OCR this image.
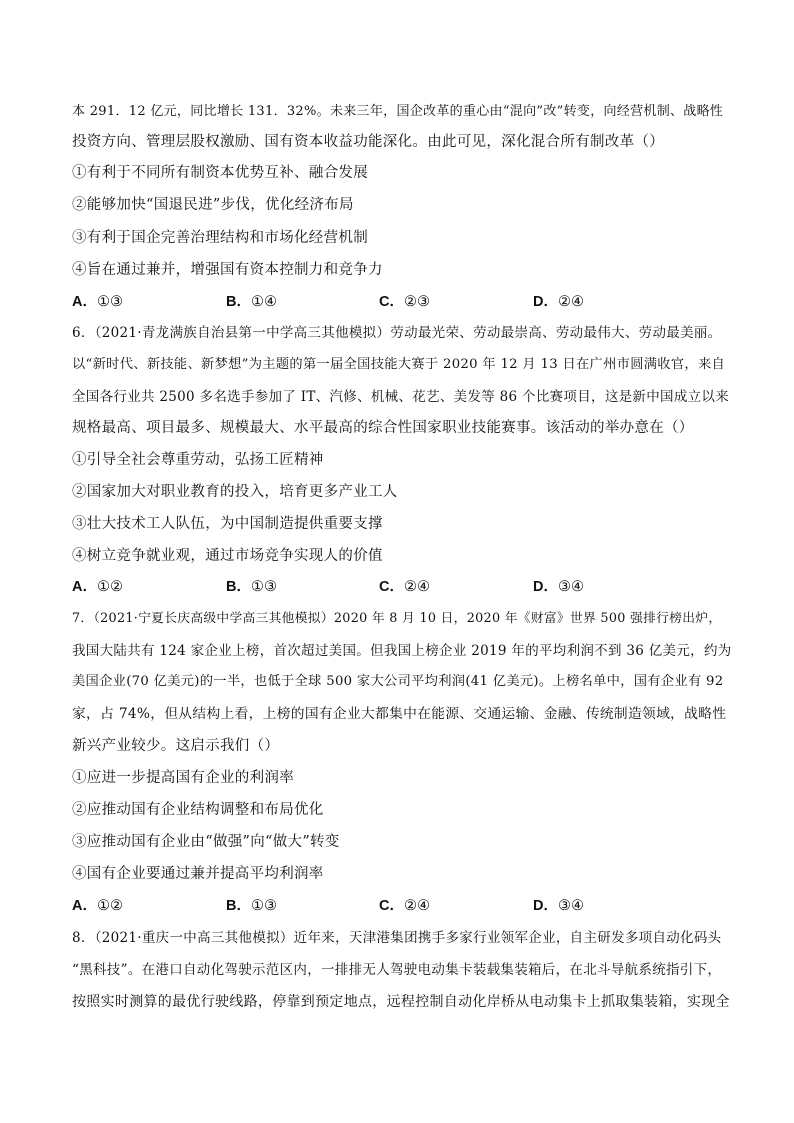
本 291．12 亿元，同比增长 131．32%。未来三年，国企改革的重心由“混向”改”转变，向经营机制、战略性
投资方向、管理层股权激励、国有资本收益功能深化。由此可见，深化混合所有制改革（）
①有利于不同所有制资本优势互补、融合发展
②能够加快“国退民进”步伐，优化经济布局
③有利于国企完善治理结构和市场化经营机制
④旨在通过兼并，增强国有资本控制力和竞争力
A．①③	B．①④	C．②③	D．②④
6．（2021·青龙满族自治县第一中学高三其他模拟）劳动最光荣、劳动最崇高、劳动最伟大、劳动最美丽。
以“新时代、新技能、新梦想”为主题的第一届全国技能大赛于 2020 年 12 月 13 日在广州市圆满收官，来自
全国各行业共 2500 多名选手参加了 IT、汽修、机械、花艺、美发等 86 个比赛项目，这是新中国成立以来
规格最高、项目最多、规模最大、水平最高的综合性国家职业技能赛事。该活动的举办意在（）
①引导全社会尊重劳动，弘扬工匠精神
②国家加大对职业教育的投入，培育更多产业工人
③壮大技术工人队伍，为中国制造提供重要支撑
④树立竞争就业观，通过市场竞争实现人的价值
A．①②	B．①③	C．②④	D．③④
7．（2021·宁夏长庆高级中学高三其他模拟）2020 年 8 月 10 日，2020 年《财富》世界 500 强排行榜出炉，
我国大陆共有 124 家企业上榜，首次超过美国。但我国上榜企业 2019 年的平均利润不到 36 亿美元，约为
美国企业(70 亿美元)的一半，也低于全球 500 家大公司平均利润(41 亿美元)。上榜名单中，国有企业有 92
家，占 74%，但从结构上看，上榜的国有企业大都集中在能源、交通运输、金融、传统制造领域，战略性
新兴产业较少。这启示我们（）
①应进一步提高国有企业的利润率
②应推动国有企业结构调整和布局优化
③应推动国有企业由“做强”向“做大”转变
④国有企业要通过兼并提高平均利润率
A．①②	B．①③	C．②④	D．③④
8．（2021·重庆一中高三其他模拟）近年来，天津港集团携手多家行业领军企业，自主研发多项自动化码头
“黑科技”。在港口自动化驾驶示范区内，一排排无人驾驶电动集卡装载集装箱后，在北斗导航系统指引下，
按照实时测算的最优行驶线路，停靠到预定地点，远程控制自动化岸桥从电动集卡上抓取集装箱，实现全
